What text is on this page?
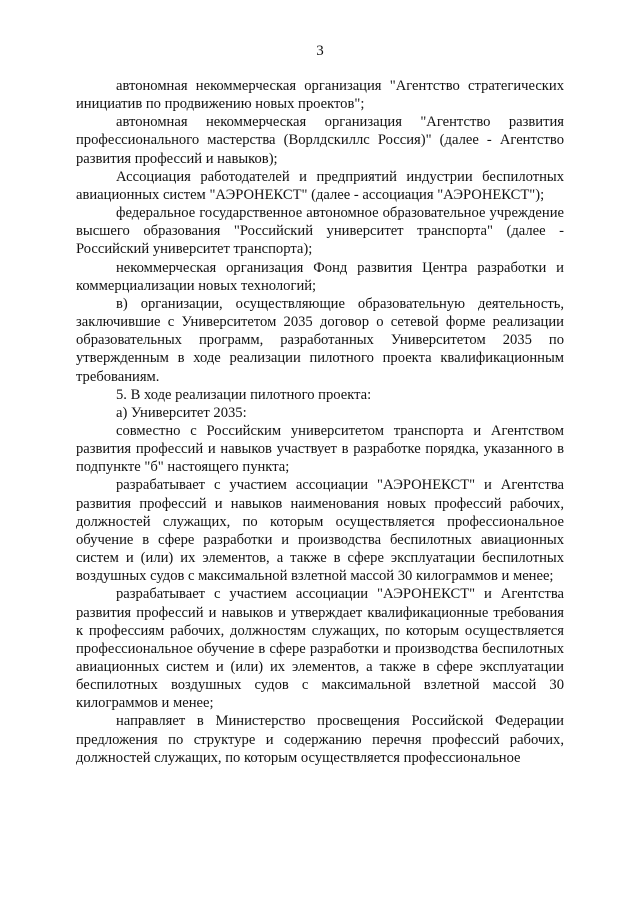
3

автономная некоммерческая организация "Агентство стратегических инициатив по продвижению новых проектов";

автономная некоммерческая организация "Агентство развития профессионального мастерства (Ворлдскиллс Россия)" (далее - Агентство развития профессий и навыков);

Ассоциация работодателей и предприятий индустрии беспилотных авиационных систем "АЭРОНЕКСТ" (далее - ассоциация "АЭРОНЕКСТ");

федеральное государственное автономное образовательное учреждение высшего образования "Российский университет транспорта" (далее - Российский университет транспорта);

некоммерческая организация Фонд развития Центра разработки и коммерциализации новых технологий;

в) организации, осуществляющие образовательную деятельность, заключившие с Университетом 2035 договор о сетевой форме реализации образовательных программ, разработанных Университетом 2035 по утвержденным в ходе реализации пилотного проекта квалификационным требованиям.

5. В ходе реализации пилотного проекта:

а) Университет 2035:

совместно с Российским университетом транспорта и Агентством развития профессий и навыков участвует в разработке порядка, указанного в подпункте "б" настоящего пункта;

разрабатывает с участием ассоциации "АЭРОНЕКСТ" и Агентства развития профессий и навыков наименования новых профессий рабочих, должностей служащих, по которым осуществляется профессиональное обучение в сфере разработки и производства беспилотных авиационных систем и (или) их элементов, а также в сфере эксплуатации беспилотных воздушных судов с максимальной взлетной массой 30 килограммов и менее;

разрабатывает с участием ассоциации "АЭРОНЕКСТ" и Агентства развития профессий и навыков и утверждает квалификационные требования к профессиям рабочих, должностям служащих, по которым осуществляется профессиональное обучение в сфере разработки и производства беспилотных авиационных систем и (или) их элементов, а также в сфере эксплуатации беспилотных воздушных судов с максимальной взлетной массой 30 килограммов и менее;

направляет в Министерство просвещения Российской Федерации предложения по структуре и содержанию перечня профессий рабочих, должностей служащих, по которым осуществляется профессиональное
